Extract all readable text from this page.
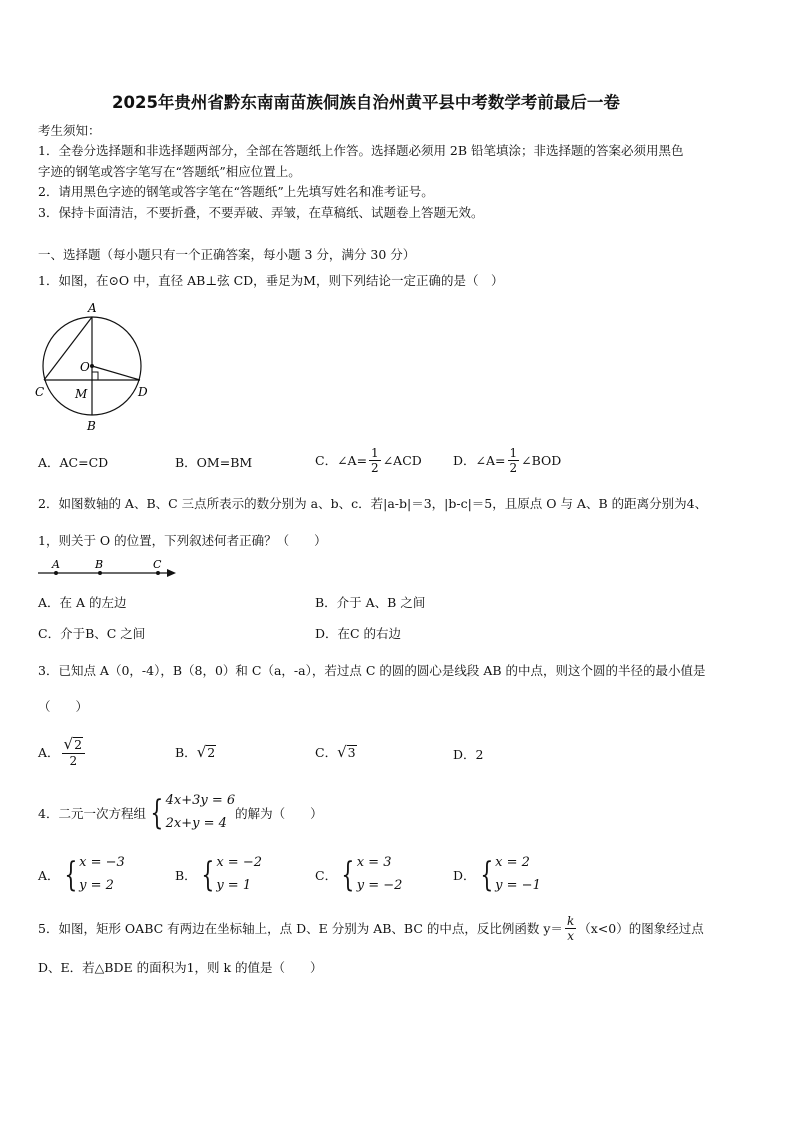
2025年贵州省黔东南南苗族侗族自治州黄平县中考数学考前最后一卷
考生须知：
1．全卷分选择题和非选择题两部分，全部在答题纸上作答。选择题必须用 2B 铅笔填涂；非选择题的答案必须用黑色
字迹的钢笔或答字笔写在“答题纸”相应位置上。
2．请用黑色字迹的钢笔或答字笔在“答题纸”上先填写姓名和准考证号。
3．保持卡面清洁，不要折叠，不要弄破、弄皱，在草稿纸、试题卷上答题无效。
一、选择题（每小题只有一个正确答案，每小题 3 分，满分 30 分）
1．如图，在⊙O 中，直径 AB⊥弦 CD，垂足为M，则下列结论一定正确的是（　）
A
O
C	M	D
B
A．AC=CD	B．OM=BM	C．∠A= $\frac{1}{2}$ ∠ACD D．∠A= $\frac{1}{2}$ ∠BOD
2．如图数轴的 A、B、C 三点所表示的数分别为 a、b、c．若|a-b|＝3，|b-c|＝5，且原点 O 与 A、B 的距离分别为4、
1，则关于 O 的位置，下列叙述何者正确？（　　）
A	B	C
A．在 A 的左边	B．介于 A、B 之间
C．介于B、C 之间	D．在C 的右边
3．已知点 A（0，-4），B（8，0）和 C（a，-a），若过点 C 的圆的圆心是线段 AB 的中点，则这个圆的半径的最小值是
（　　）
A． $\frac{√ 2}{2}$	B． √ 2	C． √ 3	D．2
4．二元一次方程组 { 4x+3y = 6
2x+y = 4
的解为（　　）
A． { x = −3
y = 2
B． { x = −2
y = 1
C． { x = 3
y = −2
D． { x = 2
y = −1
5．如图，矩形 OABC 有两边在坐标轴上，点 D、E 分别为 AB、BC 的中点，反比例函数 $y= \frac{k}{x} (x<0)$的图象经过点
D、E．若△BDE 的面积为1，则 k 的值是（　　）
